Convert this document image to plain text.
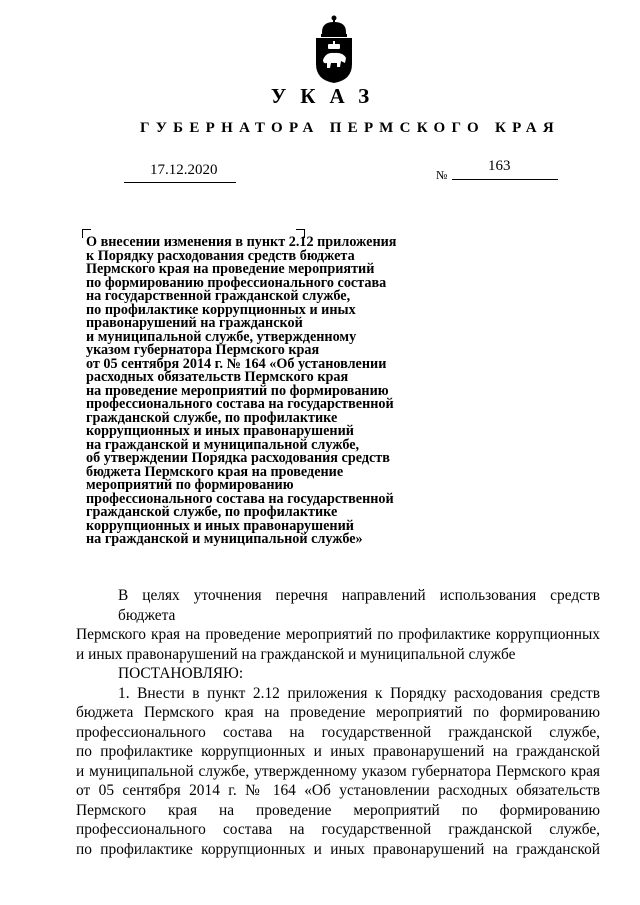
УКАЗ
ГУБЕРНАТОРА ПЕРМСКОГО КРАЯ
17.12.2020	№
163
О внесении изменения в пункт 2.12 приложения
к Порядку расходования средств бюджета
Пермского края на проведение мероприятий
по формированию профессионального состава
на государственной гражданской службе,
по профилактике коррупционных и иных
правонарушений на гражданской
и муниципальной службе, утвержденному
указом губернатора Пермского края
от 05 сентября 2014 г. № 164 «Об установлении
расходных обязательств Пермского края
на проведение мероприятий по формированию
профессионального состава на государственной
гражданской службе, по профилактике
коррупционных и иных правонарушений
на гражданской и муниципальной службе,
об утверждении Порядка расходования средств
бюджета Пермского края на проведение
мероприятий по формированию
профессионального состава на государственной
гражданской службе, по профилактике
коррупционных и иных правонарушений
на гражданской и муниципальной службе»
В целях уточнения перечня направлений использования средств бюджета
Пермского края на проведение мероприятий по профилактике коррупционных
и иных правонарушений на гражданской и муниципальной службе
ПОСТАНОВЛЯЮ:
1. Внести в пункт 2.12 приложения к Порядку расходования средств
бюджета Пермского края на проведение мероприятий по формированию
профессионального состава на государственной гражданской службе,
по профилактике коррупционных и иных правонарушений на гражданской
и муниципальной службе, утвержденному указом губернатора Пермского края
от 05 сентября 2014 г. № 164 «Об установлении расходных обязательств
Пермского края на проведение мероприятий по формированию
профессионального состава на государственной гражданской службе,
по профилактике коррупционных и иных правонарушений на гражданской
